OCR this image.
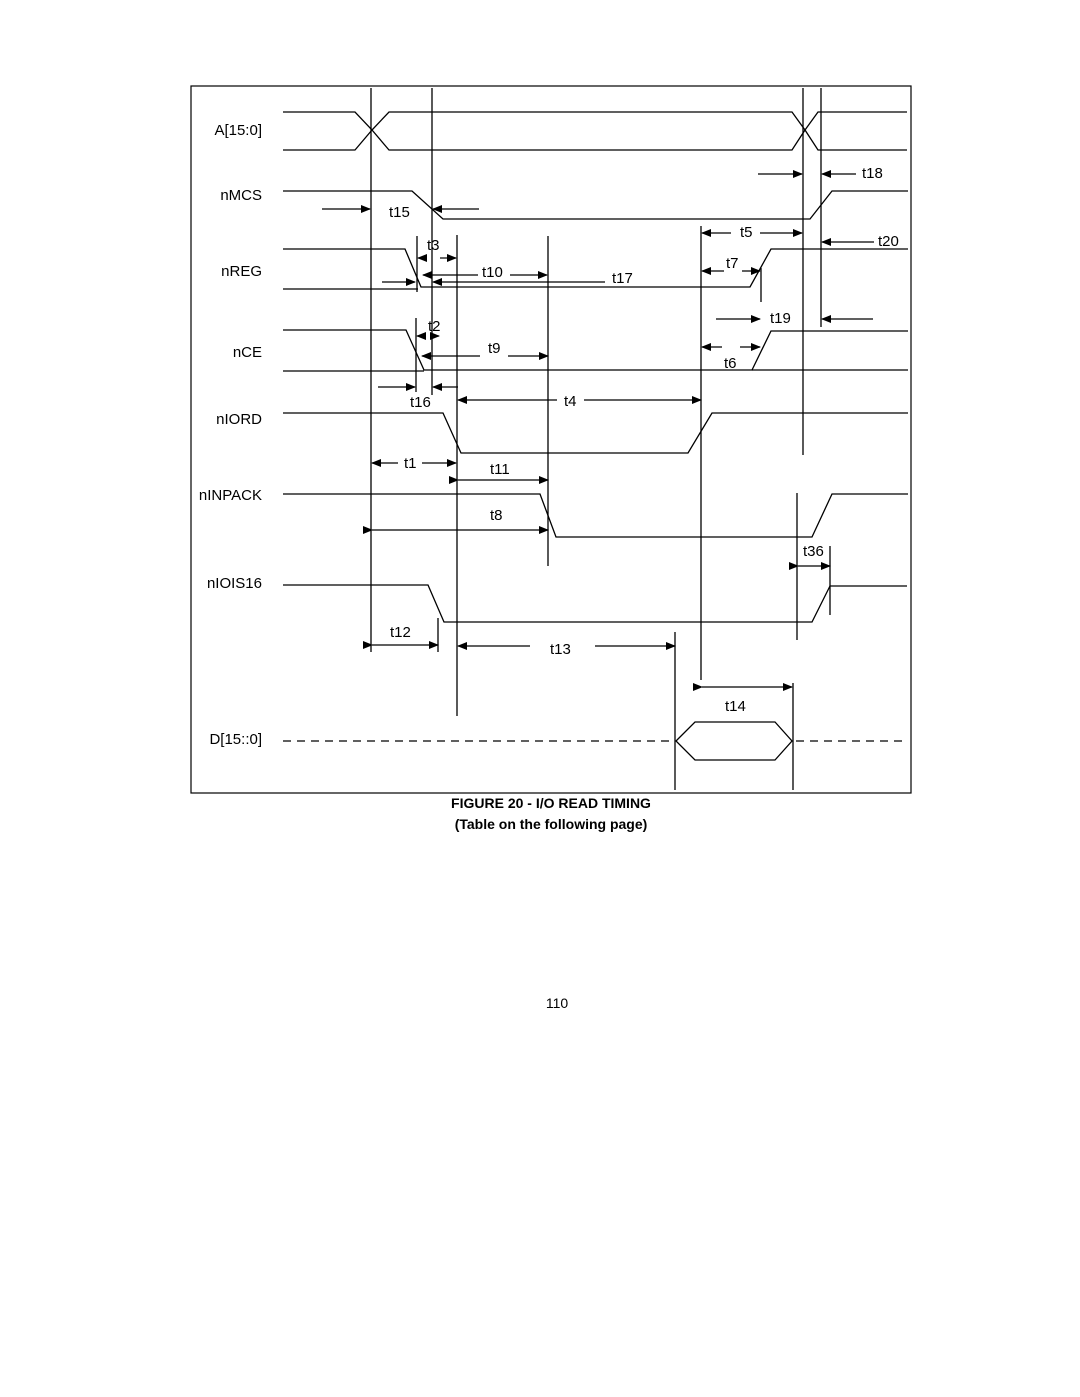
A[15:0]
nMCS
nREG
nCE
nIORD
nINPACK
nIOIS16
D[15::0]
t18
t15
t5
t20
t3
t7
t10	t17
t19
t2
t9
t6
t16	t4
t1	t11
t8
t36
t12
t13
t14
FIGURE 20 - I/O READ TIMING
(Table on the following page)
110
